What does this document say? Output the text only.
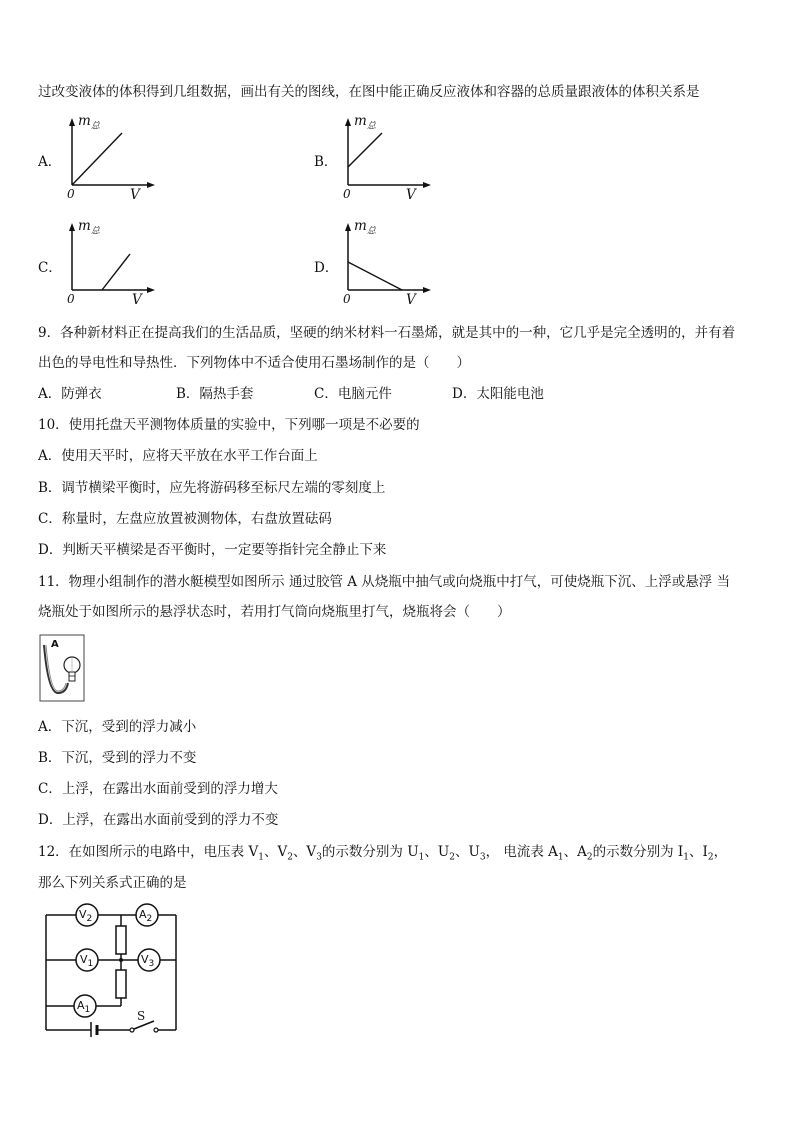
过改变液体的体积得到几组数据，画出有关的图线，在图中能正确反应液体和容器的总质量跟液体的体积关系是
A．
$m_总$
0	V
B．
$m_总$
0	V
C．
$m_总$
0	V
D．
$m_总$
0	V
9．各种新材料正在提高我们的生活品质，坚硬的纳米材料一石墨烯，就是其中的一种，它几乎是完全透明的，并有着
出色的导电性和导热性．下列物体中不适合使用石墨场制作的是（　　）
A．防弹衣	B．隔热手套	C．电脑元件	D．太阳能电池
10．使用托盘天平测物体质量的实验中，下列哪一项是不必要的
A．使用天平时，应将天平放在水平工作台面上
B．调节横梁平衡时，应先将游码移至标尺左端的零刻度上
C．称量时，左盘应放置被测物体，右盘放置砝码
D．判断天平横梁是否平衡时，一定要等指针完全静止下来
11．物理小组制作的潜水艇模型如图所示 通过胶管 A 从烧瓶中抽气或向烧瓶中打气，可使烧瓶下沉、上浮或悬浮 当
烧瓶处于如图所示的悬浮状态时，若用打气筒向烧瓶里打气，烧瓶将会（　　）
A
A．下沉，受到的浮力减小
B．下沉，受到的浮力不变
C．上浮，在露出水面前受到的浮力增大
D．上浮，在露出水面前受到的浮力不变
12．在如图所示的电路中，电压表 $V_1$、$V_2$、$V_3$的示数分别为 $U_1$、$U_2$、$U_3$， 电流表 $A_1$、$A_2$的示数分别为 $I_1$、$I_2$，
那么下列关系式正确的是
$V_2$	$A_2$
$V_1$	$V_3$
$A_1$	S
